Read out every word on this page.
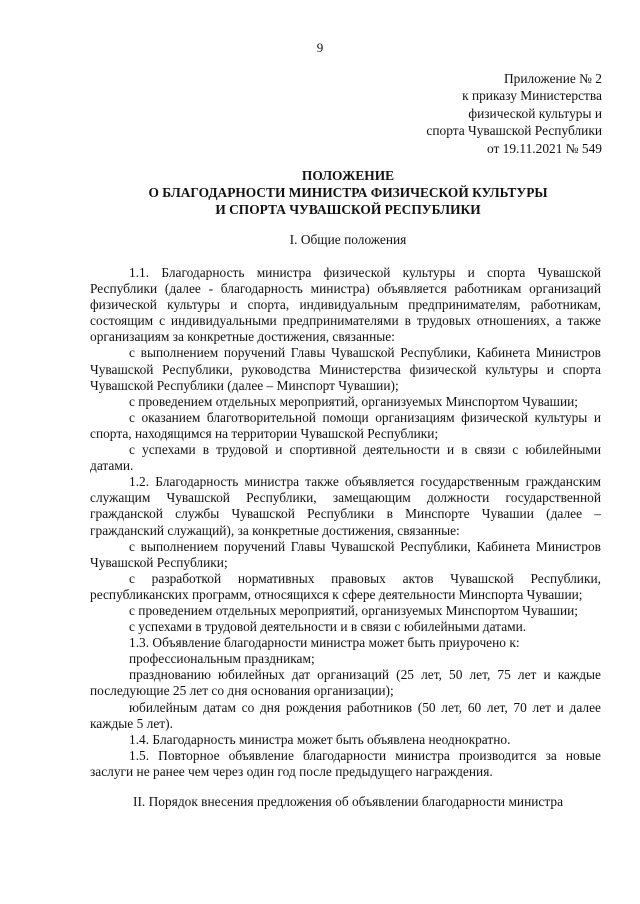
9
Приложение № 2
к приказу Министерства
физической культуры и
спорта Чувашской Республики
от 19.11.2021 № 549
ПОЛОЖЕНИЕ
О БЛАГОДАРНОСТИ МИНИСТРА ФИЗИЧЕСКОЙ КУЛЬТУРЫ
И СПОРТА ЧУВАШСКОЙ РЕСПУБЛИКИ
I. Общие положения

1.1. Благодарность министра физической культуры и спорта Чувашской Республики (далее - благодарность министра) объявляется работникам организаций физической культуры и спорта, индивидуальным предпринимателям, работникам, состоящим с индивидуальными предпринимателями в трудовых отношениях, а также организациям за конкретные достижения, связанные:

с выполнением поручений Главы Чувашской Республики, Кабинета Министров Чувашской Республики, руководства Министерства физической культуры и спорта Чувашской Республики (далее – Минспорт Чувашии);

с проведением отдельных мероприятий, организуемых Минспортом Чувашии;

с оказанием благотворительной помощи организациям физической культуры и спорта, находящимся на территории Чувашской Республики;

с успехами в трудовой и спортивной деятельности и в связи с юбилейными датами.

1.2. Благодарность министра также объявляется государственным гражданским служащим Чувашской Республики, замещающим должности государственной гражданской службы Чувашской Республики в Минспорте Чувашии (далее – гражданский служащий), за конкретные достижения, связанные:

с выполнением поручений Главы Чувашской Республики, Кабинета Министров Чувашской Республики;

с разработкой нормативных правовых актов Чувашской Республики, республиканских программ, относящихся к сфере деятельности Минспорта Чувашии;

с проведением отдельных мероприятий, организуемых Минспортом Чувашии;

с успехами в трудовой деятельности и в связи с юбилейными датами.

1.3. Объявление благодарности министра может быть приурочено к:

профессиональным праздникам;

празднованию юбилейных дат организаций (25 лет, 50 лет, 75 лет и каждые последующие 25 лет со дня основания организации);

юбилейным датам со дня рождения работников (50 лет, 60 лет, 70 лет и далее каждые 5 лет).

1.4. Благодарность министра может быть объявлена неоднократно.

1.5. Повторное объявление благодарности министра производится за новые заслуги не ранее чем через один год после предыдущего награждения.

II. Порядок внесения предложения об объявлении благодарности министра
